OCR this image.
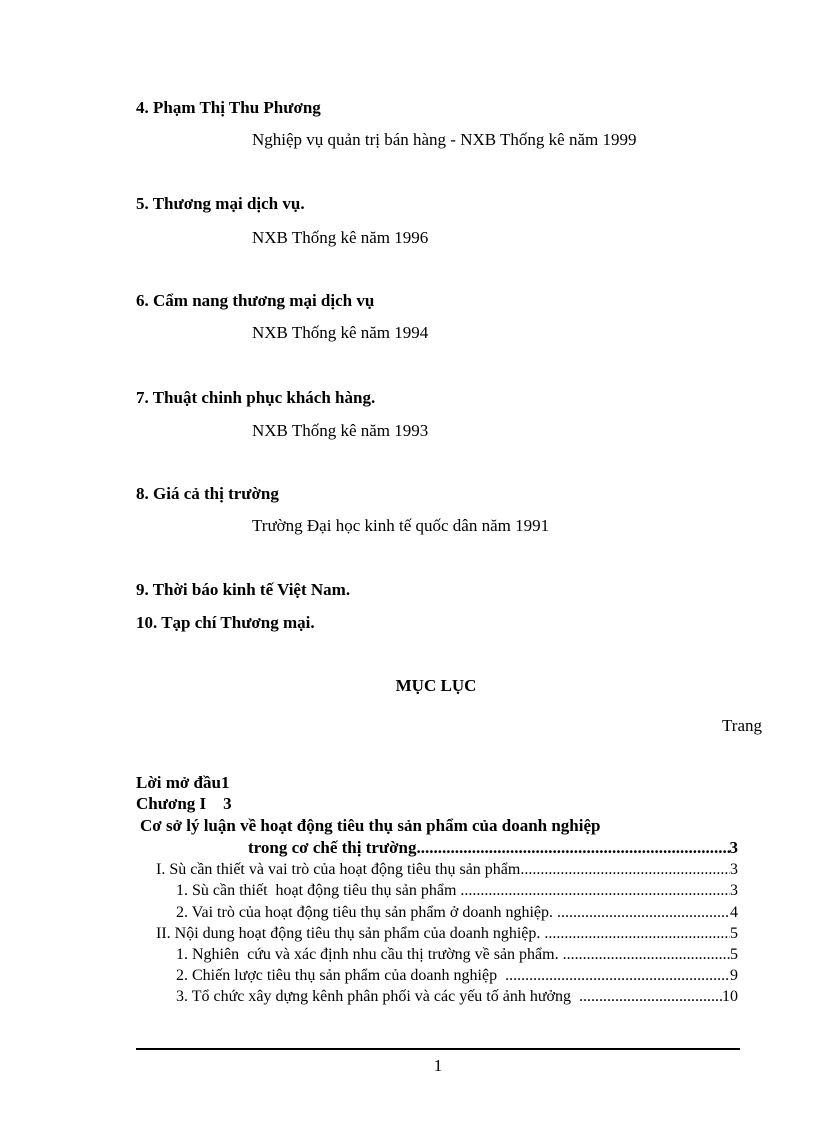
4. Phạm Thị Thu Phương
Nghiệp vụ quản trị bán hàng - NXB Thống kê năm 1999
5. Thương mại dịch vụ.
NXB Thống kê năm 1996
6. Cẩm nang thương mại dịch vụ
NXB Thống kê năm 1994
7. Thuật chinh phục khách hàng.
NXB Thống kê năm 1993
8. Giá cả thị trường
Trường Đại học kinh tế quốc dân năm 1991
9. Thời báo kinh tế Việt Nam.
10. Tạp chí Thương mại.
MỤC LỤC
Trang
Lời mở đầu1
Chương I    3
Cơ sở lý luận về hoạt động tiêu thụ sản phẩm của doanh nghiệp
trong cơ chế thị trường .....	3
I. Sù cần thiết và vai trò của hoạt động tiêu thụ sản phẩm. .....	3
1. Sù cần thiết  hoạt động tiêu thụ sản phẩm .....	3
2. Vai trò của hoạt động tiêu thụ sản phẩm ở doanh nghiệp. .....	4
II. Nội dung hoạt động tiêu thụ sản phẩm của doanh nghiệp. .....	5
1. Nghiên  cứu và xác định nhu cầu thị trường về sản phẩm. .....	5
2. Chiến lược tiêu thụ sản phẩm của doanh nghiệp .....	9
3. Tổ chức xây dựng kênh phân phối và các yếu tố ảnh hưởng .....	10
1
